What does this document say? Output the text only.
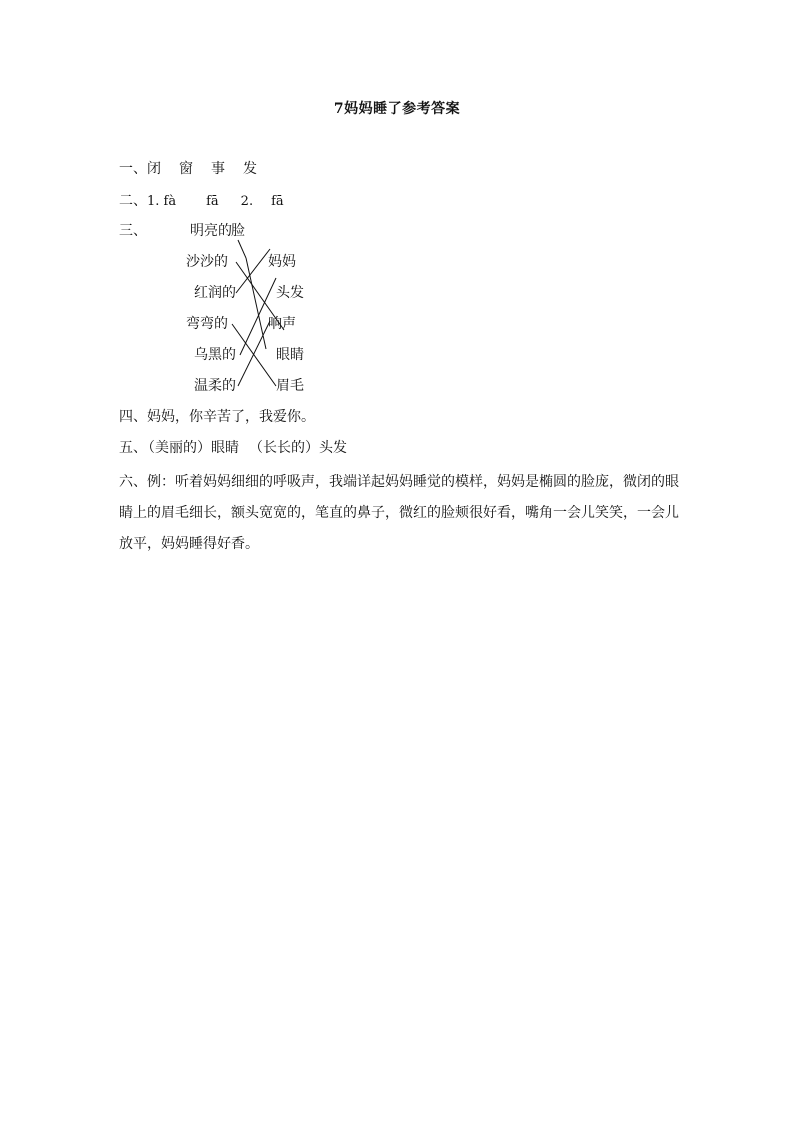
7妈妈睡了参考答案
一、闭 窗 事 发
二、1. fà fā 2. fā
三、	明亮的
沙沙的
红润的
弯弯的
乌黑的
温柔的
脸
妈妈
头发
响声
眼睛
眉毛
四、妈妈，你辛苦了，我爱你。
五、（美丽的）眼睛 （长长的）头发
六、例：听着妈妈细细的呼吸声，我端详起妈妈睡觉的模样，妈妈是椭圆的脸庞，微闭的眼睛上的眉毛细长，额头宽宽的，笔直的鼻子，微红的脸颊很好看，嘴角一会儿笑笑，一会儿放平，妈妈睡得好香。
